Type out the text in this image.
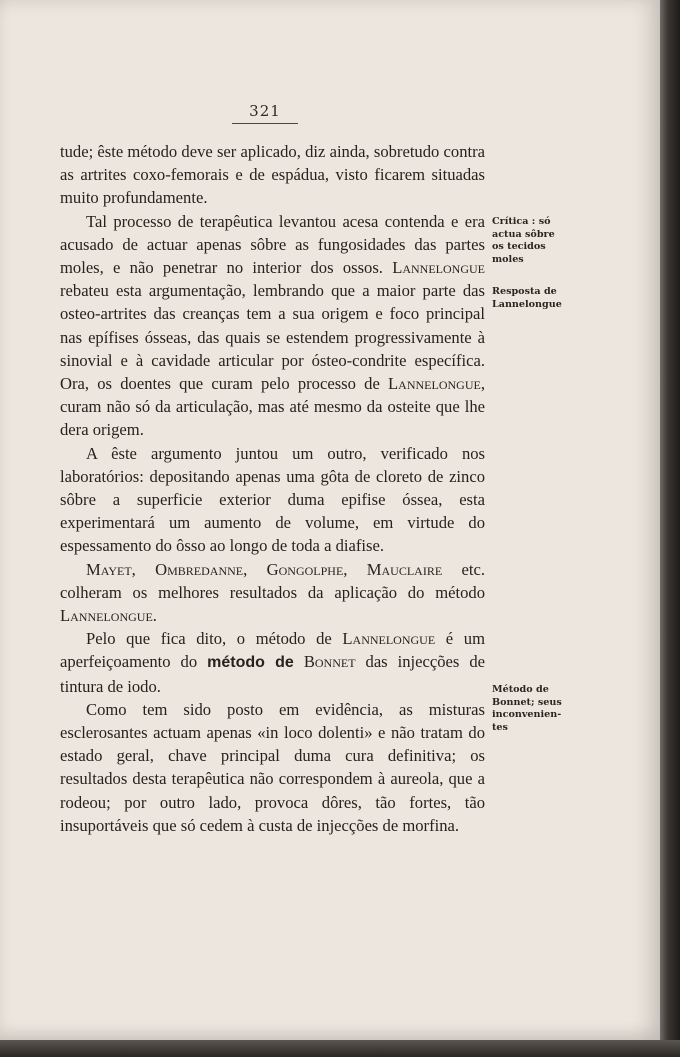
321

tude; êste método deve ser aplicado, diz ainda, sobretudo contra as artrites coxo-femorais e de espádua, visto ficarem situadas muito profundamente.

Tal processo de terapêutica levantou acesa contenda e era acusado de actuar apenas sôbre as fungosidades das partes moles, e não penetrar no interior dos ossos. Lannelongue rebateu esta argumentação, lembrando que a maior parte das osteo-artrites das creanças tem a sua origem e foco principal nas epífises ósseas, das quais se estendem progressivamente à sinovial e à cavidade articular por ósteo-condrite específica. Ora, os doentes que curam pelo processo de Lannelongue, curam não só da articulação, mas até mesmo da osteite que lhe dera origem.

A êste argumento juntou um outro, verificado nos laboratórios: depositando apenas uma gôta de cloreto de zinco sôbre a superficie exterior duma epifise óssea, esta experimentará um aumento de volume, em virtude do espessamento do ôsso ao longo de toda a diafise.

Mayet, Ombredanne, Gongolphe, Mauclaire etc. colheram os melhores resultados da aplicação do método Lannelongue.

Pelo que fica dito, o método de Lannelongue é um aperfeiçoamento do método de Bonnet das injecções de tintura de iodo.

Como tem sido posto em evidência, as misturas esclerosantes actuam apenas «in loco dolenti» e não tratam do estado geral, chave principal duma cura definitiva; os resultados desta terapêutica não correspondem à aureola, que a rodeou; por outro lado, provoca dôres, tão fortes, tão insuportáveis que só cedem à custa de injecções de morfina.

Crítica : só
actua sôbre
os tecidos
moles
Resposta de
Lannelongue
Método de
Bonnet; seus
inconvenien-
tes
